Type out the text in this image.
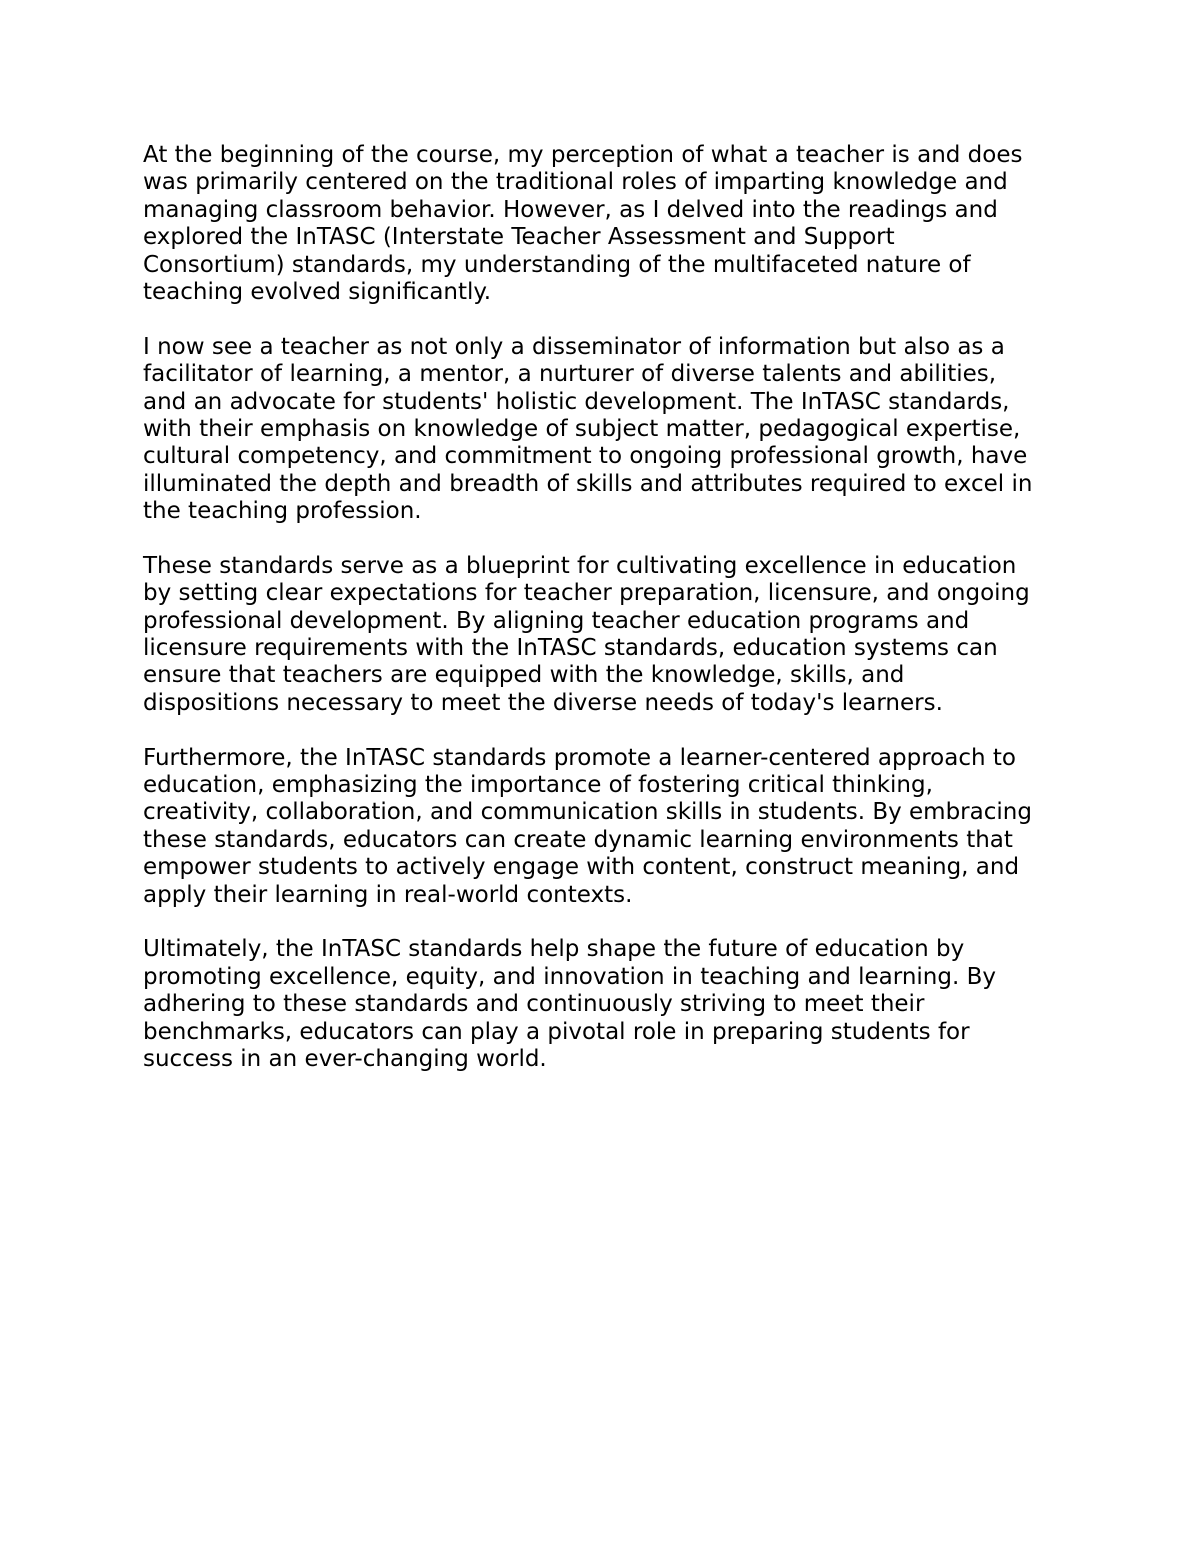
At the beginning of the course, my perception of what a teacher is and does
was primarily centered on the traditional roles of imparting knowledge and
managing classroom behavior. However, as I delved into the readings and
explored the InTASC (Interstate Teacher Assessment and Support
Consortium) standards, my understanding of the multifaceted nature of
teaching evolved significantly.

I now see a teacher as not only a disseminator of information but also as a
facilitator of learning, a mentor, a nurturer of diverse talents and abilities,
and an advocate for students' holistic development. The InTASC standards,
with their emphasis on knowledge of subject matter, pedagogical expertise,
cultural competency, and commitment to ongoing professional growth, have
illuminated the depth and breadth of skills and attributes required to excel in
the teaching profession.

These standards serve as a blueprint for cultivating excellence in education
by setting clear expectations for teacher preparation, licensure, and ongoing
professional development. By aligning teacher education programs and
licensure requirements with the InTASC standards, education systems can
ensure that teachers are equipped with the knowledge, skills, and
dispositions necessary to meet the diverse needs of today's learners.

Furthermore, the InTASC standards promote a learner-centered approach to
education, emphasizing the importance of fostering critical thinking,
creativity, collaboration, and communication skills in students. By embracing
these standards, educators can create dynamic learning environments that
empower students to actively engage with content, construct meaning, and
apply their learning in real-world contexts.

Ultimately, the InTASC standards help shape the future of education by
promoting excellence, equity, and innovation in teaching and learning. By
adhering to these standards and continuously striving to meet their
benchmarks, educators can play a pivotal role in preparing students for
success in an ever-changing world.
